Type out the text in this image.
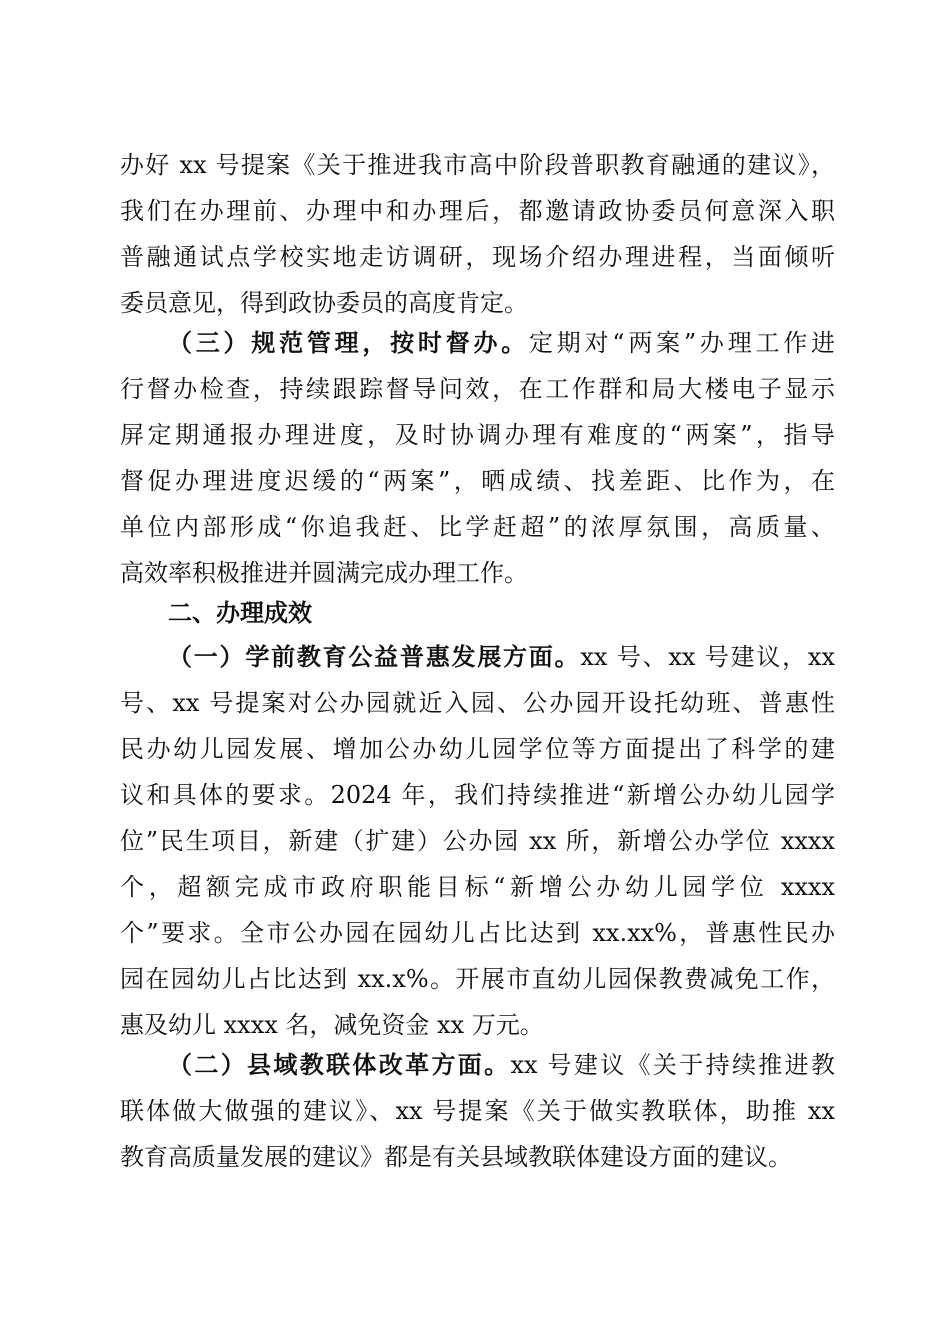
办好 xx 号提案《关于推进我市高中阶段普职教育融通的建议》，
我们在办理前、办理中和办理后，都邀请政协委员何意深入职
普融通试点学校实地走访调研，现场介绍办理进程，当面倾听
委员意见，得到政协委员的高度肯定。
（三）规范管理，按时督办。定期对“两案”办理工作进
行督办检查，持续跟踪督导问效，在工作群和局大楼电子显示
屏定期通报办理进度，及时协调办理有难度的“两案”，指导
督促办理进度迟缓的“两案”，晒成绩、找差距、比作为，在
单位内部形成“你追我赶、比学赶超”的浓厚氛围，高质量、
高效率积极推进并圆满完成办理工作。
二、办理成效
（一）学前教育公益普惠发展方面。xx 号、xx 号建议，xx
号、xx 号提案对公办园就近入园、公办园开设托幼班、普惠性
民办幼儿园发展、增加公办幼儿园学位等方面提出了科学的建
议和具体的要求。2024 年，我们持续推进“新增公办幼儿园学
位”民生项目，新建（扩建）公办园 xx 所，新增公办学位 xxxx
个，超额完成市政府职能目标“新增公办幼儿园学位 xxxx
个”要求。全市公办园在园幼儿占比达到 xx.xx%，普惠性民办
园在园幼儿占比达到 xx.x%。开展市直幼儿园保教费减免工作，
惠及幼儿 xxxx 名，减免资金 xx 万元。
（二）县域教联体改革方面。xx 号建议《关于持续推进教
联体做大做强的建议》、xx 号提案《关于做实教联体，助推 xx
教育高质量发展的建议》都是有关县域教联体建设方面的建议。
